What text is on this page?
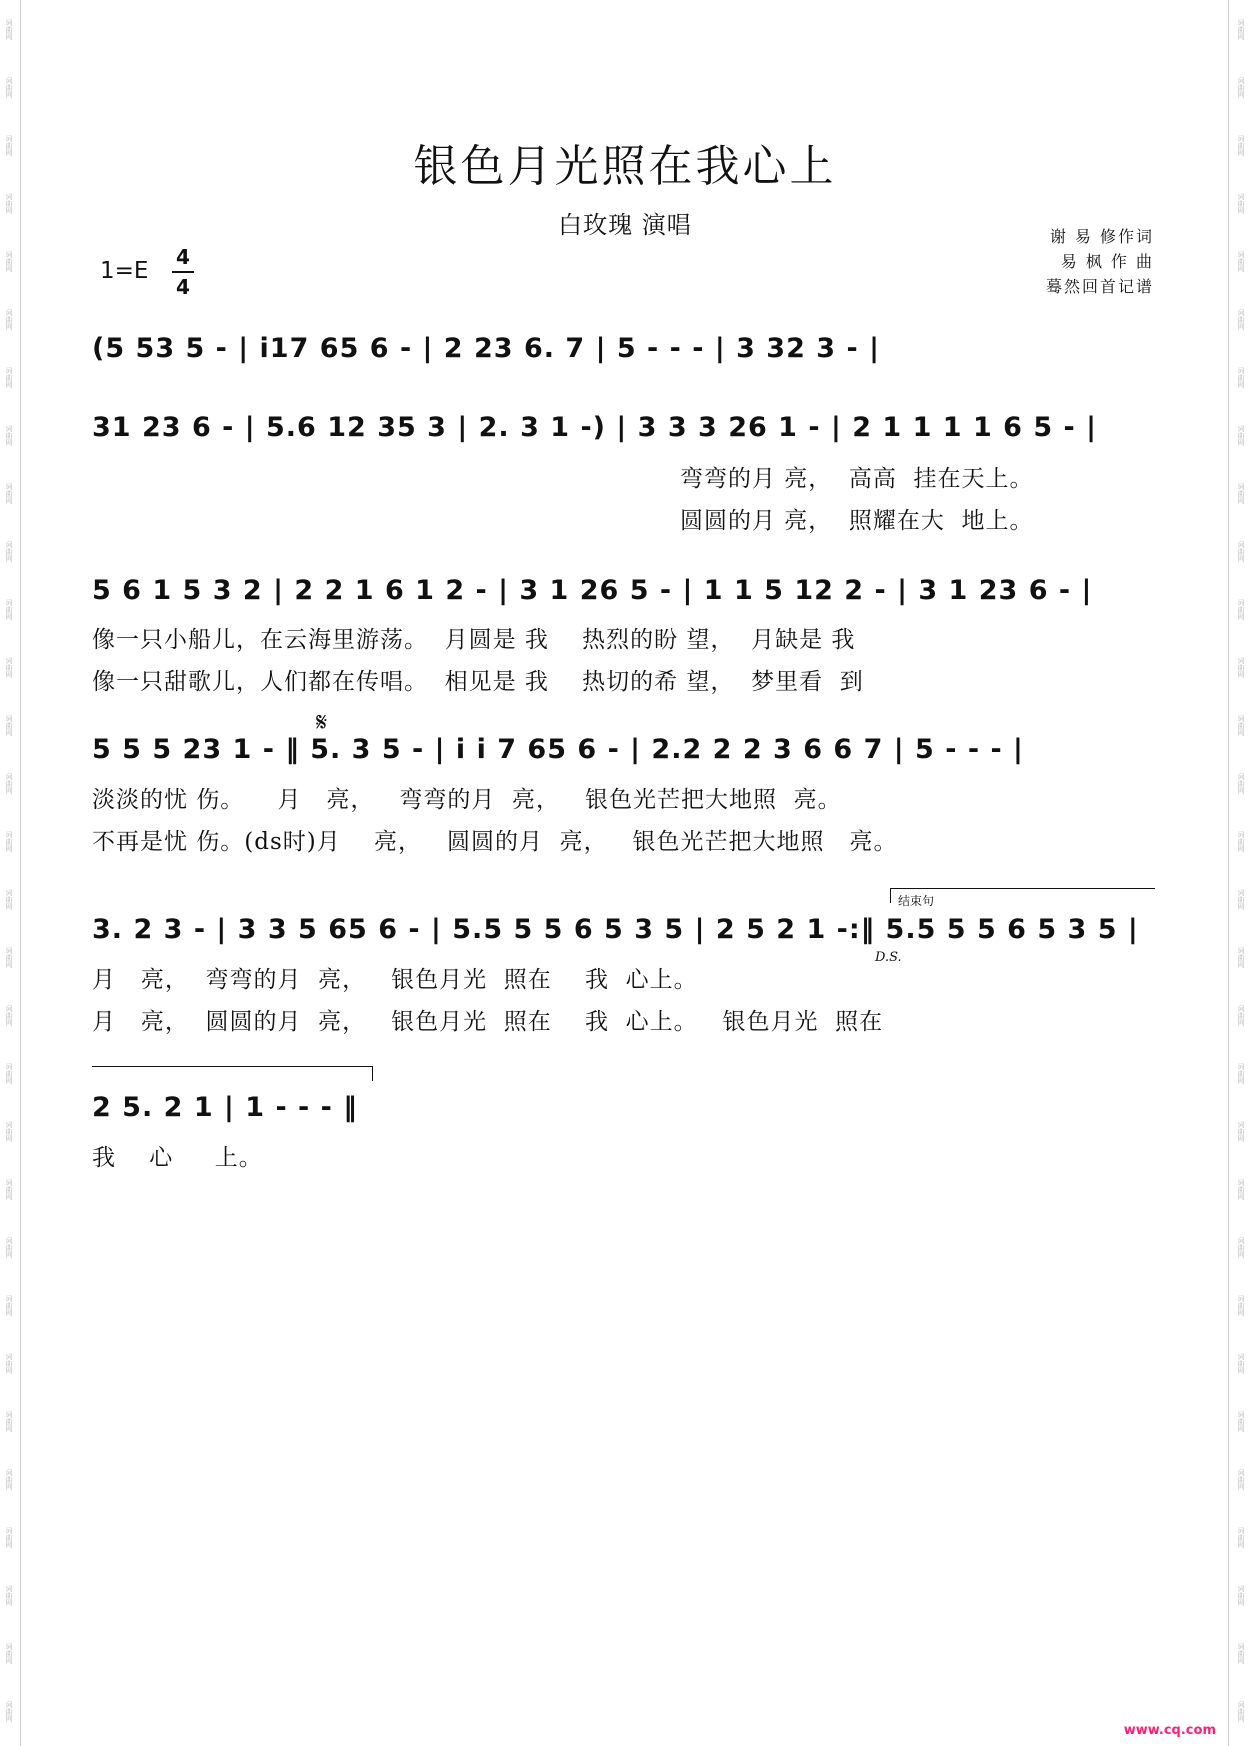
词曲网
词曲网
词曲网
词曲网
词曲网
词曲网
词曲网
词曲网
词曲网
词曲网
词曲网
词曲网
词曲网
词曲网
词曲网
词曲网
词曲网
词曲网
词曲网
词曲网
词曲网
词曲网
词曲网
词曲网
词曲网
词曲网
词曲网
词曲网
词曲网
词曲网
词曲网
词曲网
词曲网
词曲网
词曲网
词曲网
词曲网
词曲网
词曲网
词曲网
词曲网
词曲网
词曲网
词曲网
词曲网
词曲网
词曲网
词曲网
词曲网
词曲网
词曲网
词曲网
词曲网
词曲网
词曲网
词曲网
词曲网
词曲网
词曲网
词曲网
银色月光照在我心上
白玫瑰 演唱	谢 易 修作词
易 枫 作 曲
蓦然回首记谱
1=E
4
4
(5 53 5 - | i17 65 6 - | 2 23 6. 7 | 5 - - - | 3 32 3 - |
31 23 6 - | 5.6 12 35 3 | 2. 3 1 -) | 3 3 3 26 1 - | 2 1 1 1 1 6 5 - |
弯弯的月 亮，  高高  挂在天上。
圆圆的月 亮，  照耀在大  地上。
5 6 1 5 3 2 | 2 2 1 6 1 2 - | 3 1 26 5 - | 1 1 5 12 2 - | 3 1 23 6 - |
像一只小船儿，在云海里游荡。  月圆是 我    热烈的盼 望，  月缺是 我
像一只甜歌儿，人们都在传唱。  相见是 我    热切的希 望，  梦里看  到
𝄋
5 5 5 23 1 - ‖ 5. 3 5 - | i i 7 65 6 - | 2.2 2 2 3 6 6 7 | 5 - - - |
淡淡的忧 伤。    月   亮，   弯弯的月  亮，   银色光芒把大地照  亮。
不再是忧 伤。(ds时)月    亮，   圆圆的月  亮，   银色光芒把大地照   亮。
结束句
3. 2 3 - | 3 3 5 65 6 - | 5.5 5 5 6 5 3 5 | 2 5 2 1 -:‖ 5.5 5 5 6 5 3 5 |
D.S.
月   亮，  弯弯的月  亮，   银色月光  照在    我  心上。
月   亮，  圆圆的月  亮，   银色月光  照在    我  心上。   银色月光  照在
2 5. 2 1 | 1 - - - ‖
我    心     上。
www.cq.com
